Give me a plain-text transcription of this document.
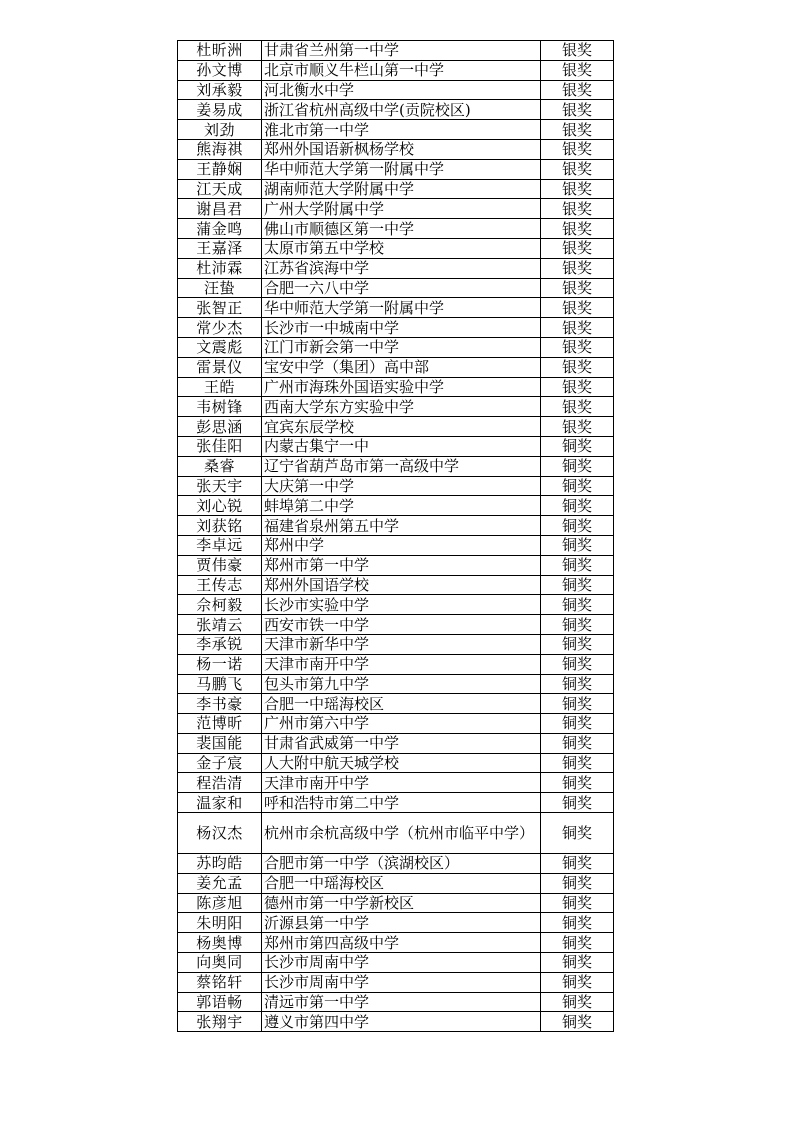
杜昕洲	甘肃省兰州第一中学	银奖
孙文博	北京市顺义牛栏山第一中学	银奖
刘承毅	河北衡水中学	银奖
姜易成	浙江省杭州高级中学(贡院校区)	银奖
刘劲	淮北市第一中学	银奖
熊海祺	郑州外国语新枫杨学校	银奖
王静娴	华中师范大学第一附属中学	银奖
江天成	湖南师范大学附属中学	银奖
谢昌君	广州大学附属中学	银奖
蒲金鸣	佛山市顺德区第一中学	银奖
王嘉泽	太原市第五中学校	银奖
杜沛霖	江苏省滨海中学	银奖
汪蛰	合肥一六八中学	银奖
张智正	华中师范大学第一附属中学	银奖
常少杰	长沙市一中城南中学	银奖
文震彪	江门市新会第一中学	银奖
雷景仪	宝安中学（集团）高中部	银奖
王皓	广州市海珠外国语实验中学	银奖
韦树锋	西南大学东方实验中学	银奖
彭思涵	宜宾东辰学校	银奖
张佳阳	内蒙古集宁一中	铜奖
桑睿	辽宁省葫芦岛市第一高级中学	铜奖
张天宇	大庆第一中学	铜奖
刘心锐	蚌埠第二中学	铜奖
刘获铭	福建省泉州第五中学	铜奖
李卓远	郑州中学	铜奖
贾伟豪	郑州市第一中学	铜奖
王传志	郑州外国语学校	铜奖
佘柯毅	长沙市实验中学	铜奖
张靖云	西安市铁一中学	铜奖
李承锐	天津市新华中学	铜奖
杨一诺	天津市南开中学	铜奖
马鹏飞	包头市第九中学	铜奖
李书豪	合肥一中瑶海校区	铜奖
范博昕	广州市第六中学	铜奖
裴国能	甘肃省武威第一中学	铜奖
金子宸	人大附中航天城学校	铜奖
程浩清	天津市南开中学	铜奖
温家和	呼和浩特市第二中学	铜奖
杨汉杰	杭州市余杭高级中学（杭州市临平中学）	铜奖
苏昀皓	合肥市第一中学（滨湖校区）	铜奖
姜允孟	合肥一中瑶海校区	铜奖
陈彦旭	德州市第一中学新校区	铜奖
朱明阳	沂源县第一中学	铜奖
杨奥博	郑州市第四高级中学	铜奖
向奥同	长沙市周南中学	铜奖
蔡铭轩	长沙市周南中学	铜奖
郭语畅	清远市第一中学	铜奖
张翔宇	遵义市第四中学	铜奖
